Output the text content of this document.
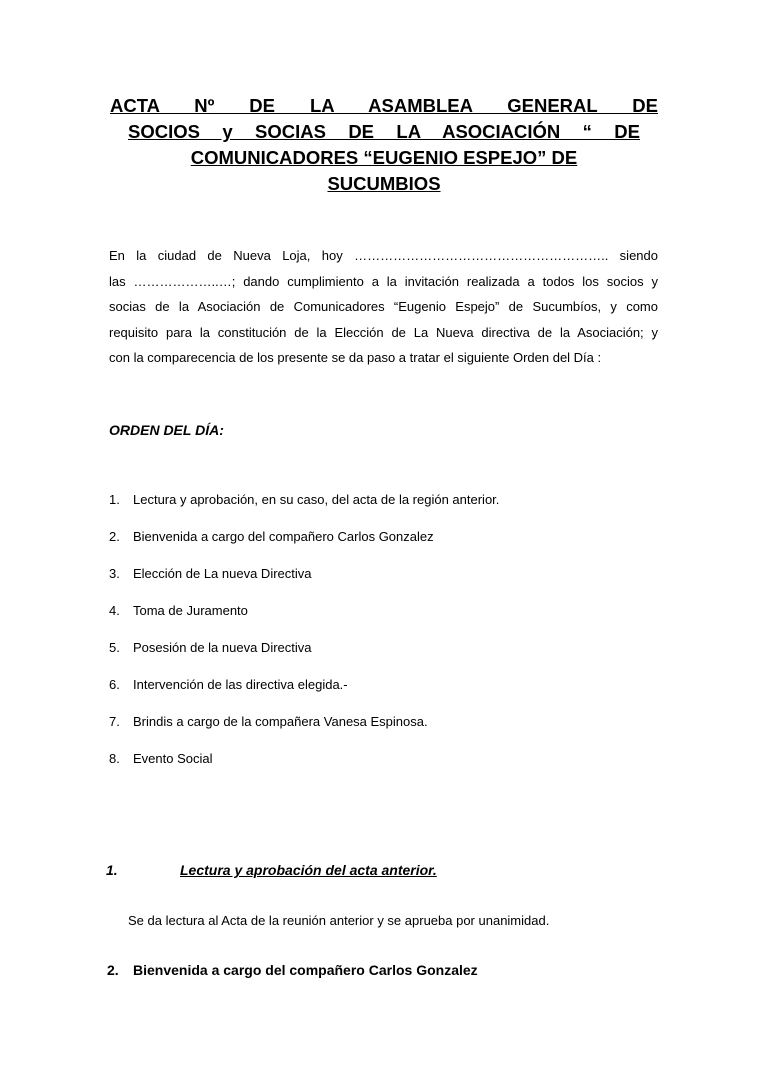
ACTA Nº DE LA ASAMBLEA GENERAL DE
SOCIOS y SOCIAS DE LA ASOCIACIÓN “ DE
COMUNICADORES “EUGENIO ESPEJO” DE
SUCUMBIOS

En la ciudad de Nueva Loja, hoy ………………………………………………….. siendo
las ………………..…; dando cumplimiento a la invitación realizada a todos los socios y
socias de la Asociación de Comunicadores “Eugenio Espejo” de Sucumbíos, y como
requisito para la constitución de la Elección de La Nueva directiva de la Asociación; y
con la comparecencia de los presente se da paso a tratar el siguiente Orden del Día :

ORDEN DEL DÍA:

1. Lectura y aprobación, en su caso, del acta de la región anterior.
2. Bienvenida a cargo del compañero Carlos Gonzalez
3. Elección de La nueva Directiva
4. Toma de Juramento
5. Posesión de la nueva Directiva
6. Intervención de las directiva elegida.-
7. Brindis a cargo de la compañera Vanesa Espinosa.
8. Evento Social

1.	Lectura y aprobación del acta anterior.

Se da lectura al Acta de la reunión anterior y se aprueba por unanimidad.

2. Bienvenida a cargo del compañero Carlos Gonzalez
